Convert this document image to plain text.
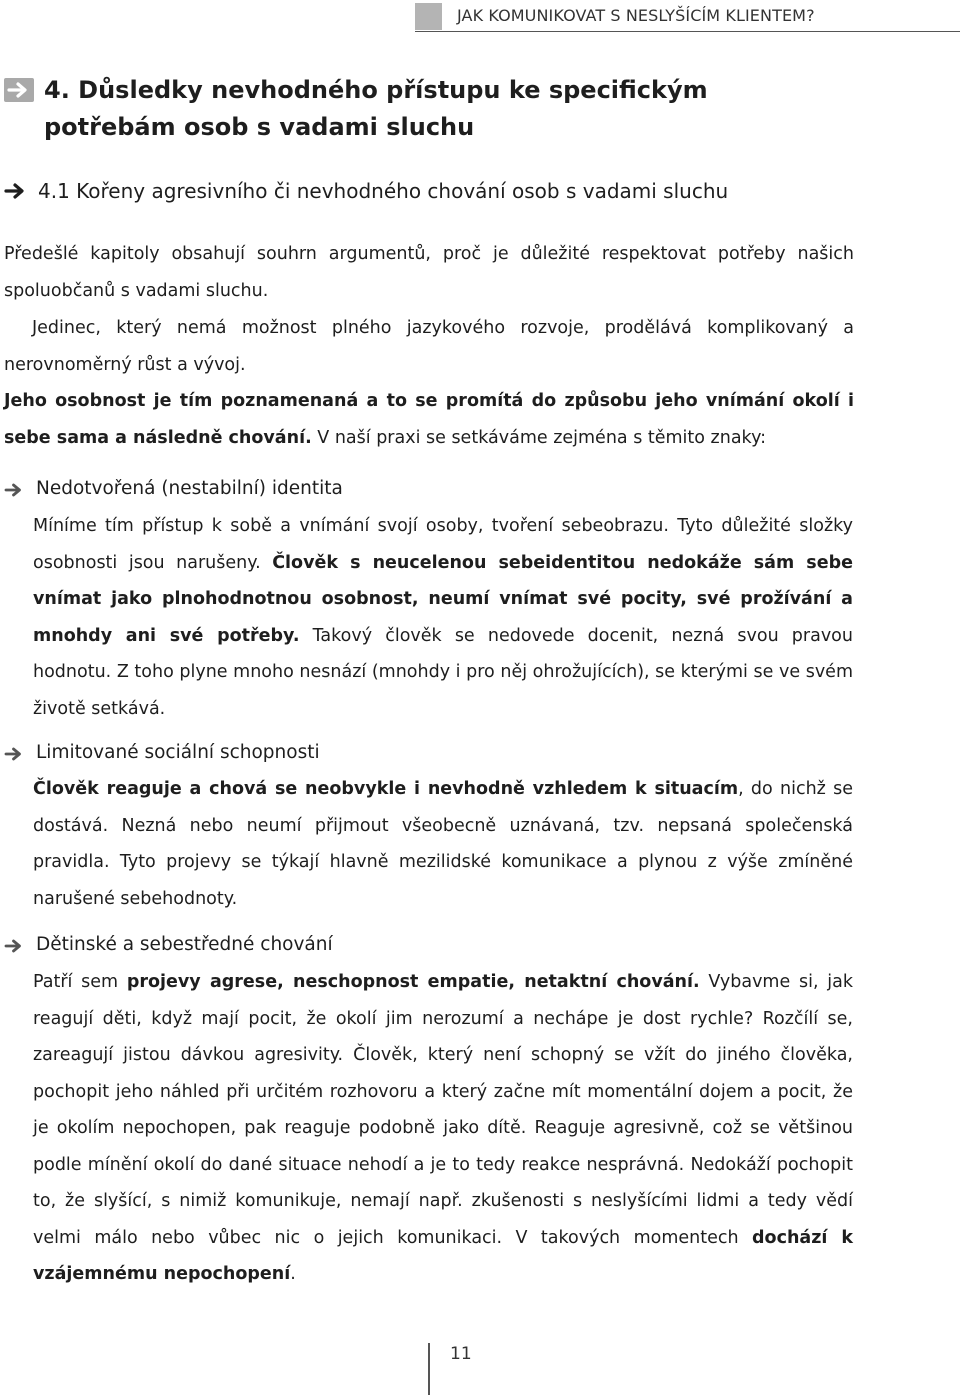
JAK KOMUNIKOVAT S NESLYŠÍCÍM KLIENTEM?
4. Důsledky nevhodného přístupu ke specifickým potřebám osob s vadami sluchu
4.1 Kořeny agresivního či nevhodného chování osob s vadami sluchu

Předešlé kapitoly obsahují souhrn argumentů, proč je důležité respektovat potřeby našich spoluobčanů s vadami sluchu.

Jedinec, který nemá možnost plného jazykového rozvoje, prodělává komplikovaný a nerovnoměrný růst a vývoj.
Jeho osobnost je tím poznamenaná a to se promítá do způsobu jeho vnímání okolí i sebe sama a následně chování. V naší praxi se setkáváme zejména s těmito znaky:

Nedotvořená (nestabilní) identita

Míníme tím přístup k sobě a vnímání svojí osoby, tvoření sebeobrazu. Tyto důležité složky osobnosti jsou narušeny. Člověk s neucelenou sebeidentitou nedokáže sám sebe vnímat jako plnohodnotnou osobnost, neumí vnímat své pocity, své prožívání a mnohdy ani své potřeby. Takový člověk se nedovede docenit, nezná svou pravou hodnotu. Z toho plyne mnoho nesnází (mnohdy i pro něj ohrožujících), se kterými se ve svém životě setkává.

Limitované sociální schopnosti

Člověk reaguje a chová se neobvykle i nevhodně vzhledem k situacím, do nichž se dostává. Nezná nebo neumí přijmout všeobecně uznávaná, tzv. nepsaná společenská pravidla. Tyto projevy se týkají hlavně mezilidské komunikace a plynou z výše zmíněné narušené sebehodnoty.

Dětinské a sebestředné chování

Patří sem projevy agrese, neschopnost empatie, netaktní chování. Vybavme si, jak reagují děti, když mají pocit, že okolí jim nerozumí a nechápe je dost rychle? Rozčílí se, zareagují jistou dávkou agresivity. Člověk, který není schopný se vžít do jiného člověka, pochopit jeho náhled při určitém rozhovoru a který začne mít momentální dojem a pocit, že je okolím nepochopen, pak reaguje podobně jako dítě. Reaguje agresivně, což se většinou podle mínění okolí do dané situace nehodí a je to tedy reakce nesprávná. Nedokáží pochopit to, že slyšící, s nimiž komunikuje, nemají např. zkušenosti s neslyšícími lidmi a tedy vědí velmi málo nebo vůbec nic o jejich komunikaci. V takových momentech dochází k vzájemnému nepochopení.

11
